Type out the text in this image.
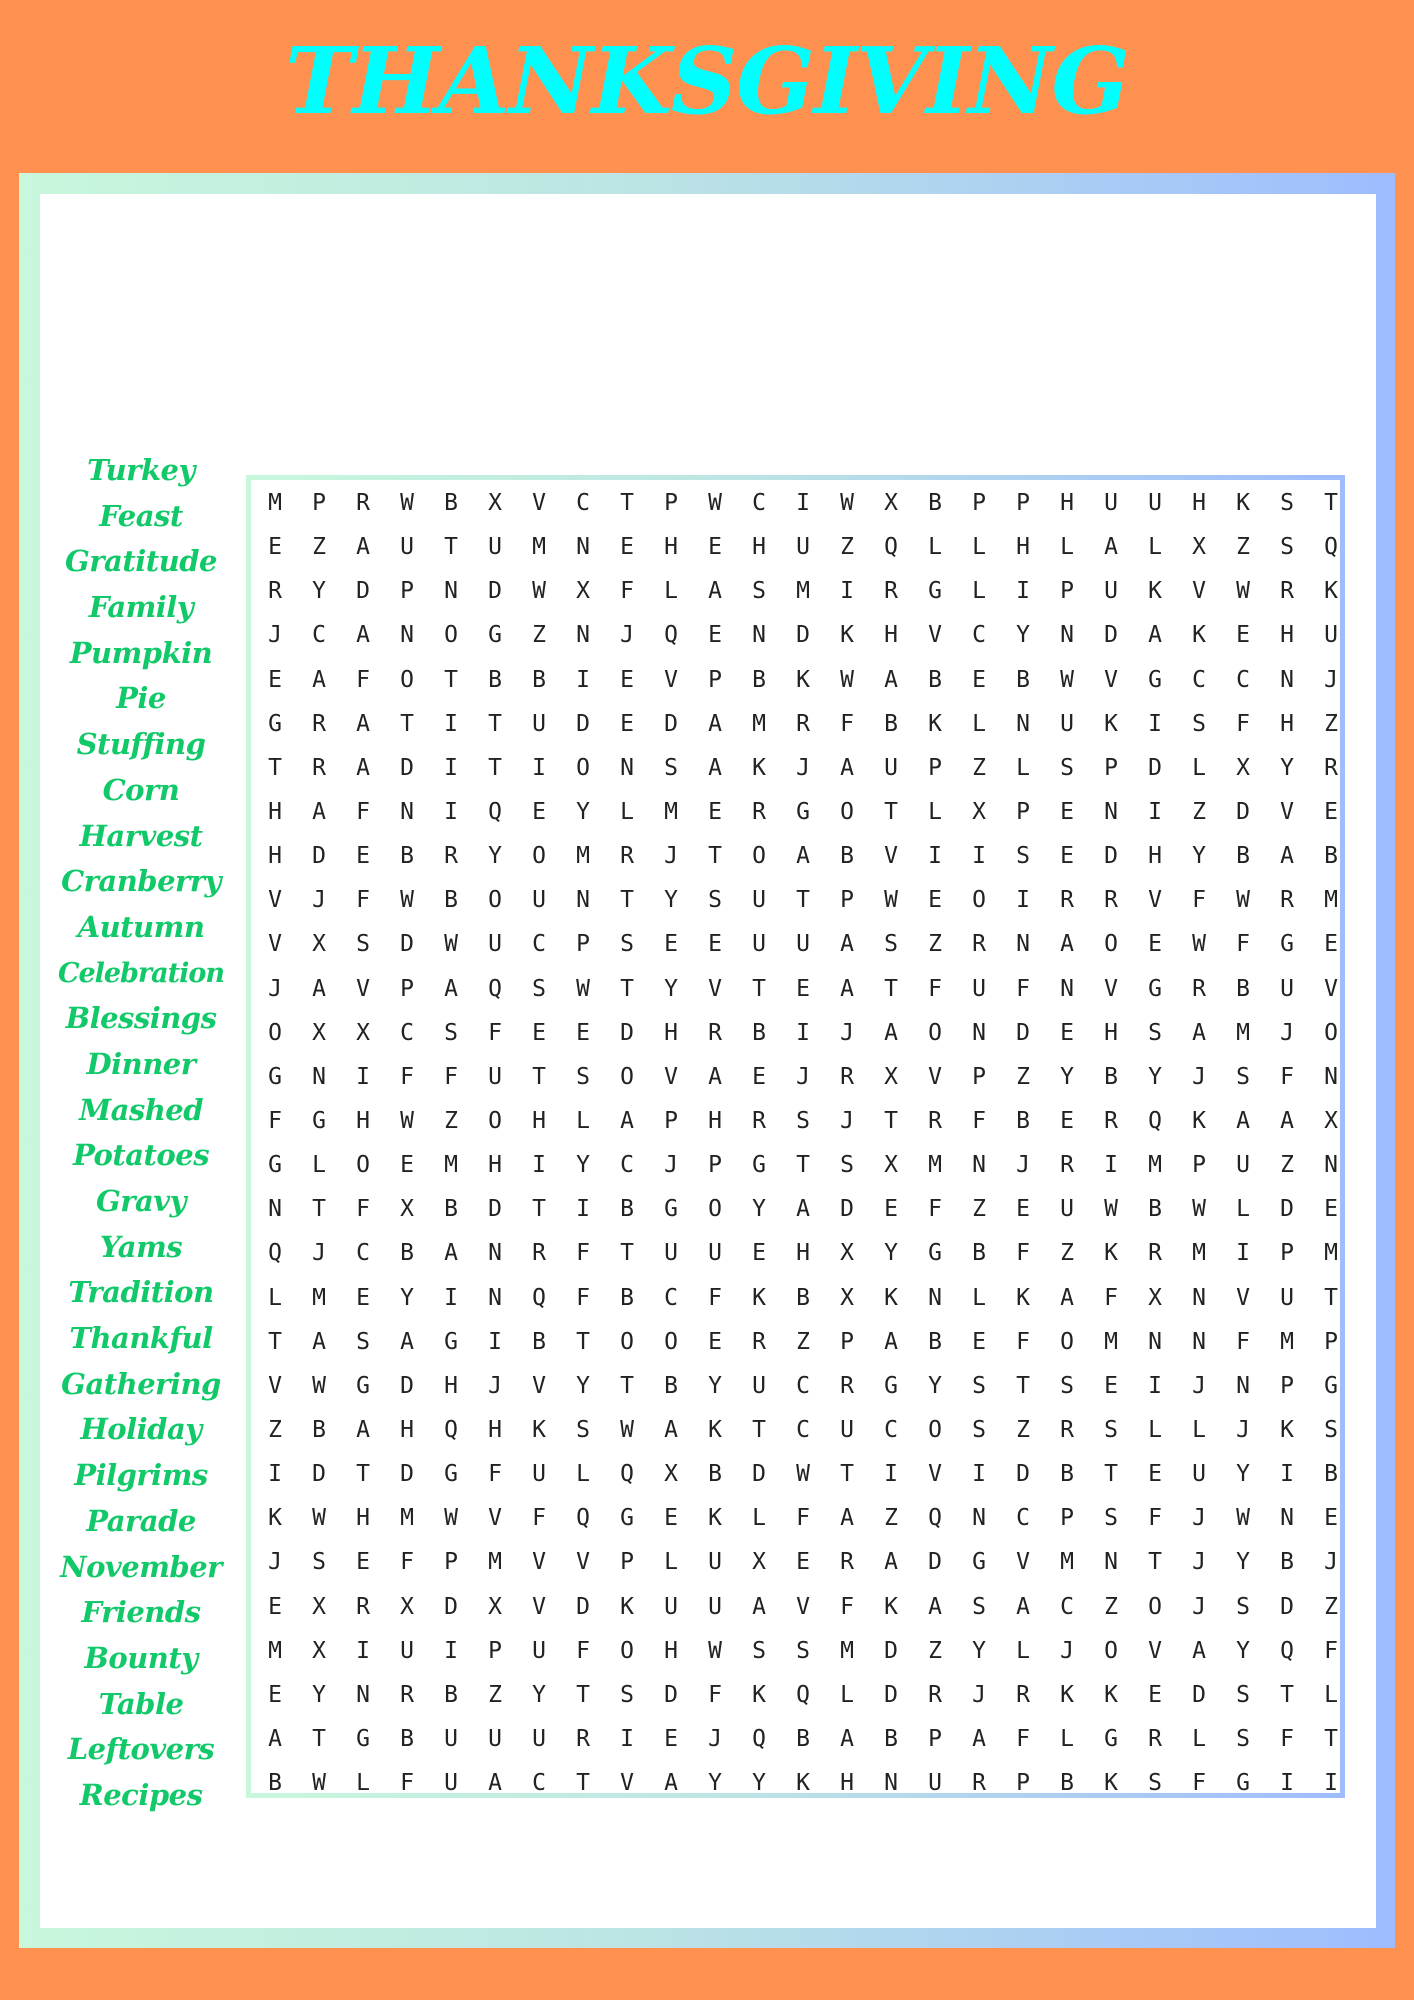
THANKSGIVING
Turkey
Feast
Gratitude
Family
Pumpkin
Pie
Stuffing
Corn
Harvest
Cranberry
Autumn
Celebration
Blessings
Dinner
Mashed
Potatoes
Gravy
Yams
Tradition
Thankful
Gathering
Holiday
Pilgrims
Parade
November
Friends
Bounty
Table
Leftovers
Recipes
M	P	R	W	B	X	V	C	T	P	W	C	I	W	X	B	P	P	H	U	U	H	K	S	T
E	Z	A	U	T	U	M	N	E	H	E	H	U	Z	Q	L	L	H	L	A	L	X	Z	S	Q
R	Y	D	P	N	D	W	X	F	L	A	S	M	I	R	G	L	I	P	U	K	V	W	R	K
J	C	A	N	O	G	Z	N	J	Q	E	N	D	K	H	V	C	Y	N	D	A	K	E	H	U
E	A	F	O	T	B	B	I	E	V	P	B	K	W	A	B	E	B	W	V	G	C	C	N	J
G	R	A	T	I	T	U	D	E	D	A	M	R	F	B	K	L	N	U	K	I	S	F	H	Z
T	R	A	D	I	T	I	O	N	S	A	K	J	A	U	P	Z	L	S	P	D	L	X	Y	R
H	A	F	N	I	Q	E	Y	L	M	E	R	G	O	T	L	X	P	E	N	I	Z	D	V	E
H	D	E	B	R	Y	O	M	R	J	T	O	A	B	V	I	I	S	E	D	H	Y	B	A	B
V	J	F	W	B	O	U	N	T	Y	S	U	T	P	W	E	O	I	R	R	V	F	W	R	M
V	X	S	D	W	U	C	P	S	E	E	U	U	A	S	Z	R	N	A	O	E	W	F	G	E
J	A	V	P	A	Q	S	W	T	Y	V	T	E	A	T	F	U	F	N	V	G	R	B	U	V
O	X	X	C	S	F	E	E	D	H	R	B	I	J	A	O	N	D	E	H	S	A	M	J	O
G	N	I	F	F	U	T	S	O	V	A	E	J	R	X	V	P	Z	Y	B	Y	J	S	F	N
F	G	H	W	Z	O	H	L	A	P	H	R	S	J	T	R	F	B	E	R	Q	K	A	A	X
G	L	O	E	M	H	I	Y	C	J	P	G	T	S	X	M	N	J	R	I	M	P	U	Z	N
N	T	F	X	B	D	T	I	B	G	O	Y	A	D	E	F	Z	E	U	W	B	W	L	D	E
Q	J	C	B	A	N	R	F	T	U	U	E	H	X	Y	G	B	F	Z	K	R	M	I	P	M
L	M	E	Y	I	N	Q	F	B	C	F	K	B	X	K	N	L	K	A	F	X	N	V	U	T
T	A	S	A	G	I	B	T	O	O	E	R	Z	P	A	B	E	F	O	M	N	N	F	M	P
V	W	G	D	H	J	V	Y	T	B	Y	U	C	R	G	Y	S	T	S	E	I	J	N	P	G
Z	B	A	H	Q	H	K	S	W	A	K	T	C	U	C	O	S	Z	R	S	L	L	J	K	S
I	D	T	D	G	F	U	L	Q	X	B	D	W	T	I	V	I	D	B	T	E	U	Y	I	B
K	W	H	M	W	V	F	Q	G	E	K	L	F	A	Z	Q	N	C	P	S	F	J	W	N	E
J	S	E	F	P	M	V	V	P	L	U	X	E	R	A	D	G	V	M	N	T	J	Y	B	J
E	X	R	X	D	X	V	D	K	U	U	A	V	F	K	A	S	A	C	Z	O	J	S	D	Z
M	X	I	U	I	P	U	F	O	H	W	S	S	M	D	Z	Y	L	J	O	V	A	Y	Q	F
E	Y	N	R	B	Z	Y	T	S	D	F	K	Q	L	D	R	J	R	K	K	E	D	S	T	L
A	T	G	B	U	U	U	R	I	E	J	Q	B	A	B	P	A	F	L	G	R	L	S	F	T
B	W	L	F	U	A	C	T	V	A	Y	Y	K	H	N	U	R	P	B	K	S	F	G	I	I
